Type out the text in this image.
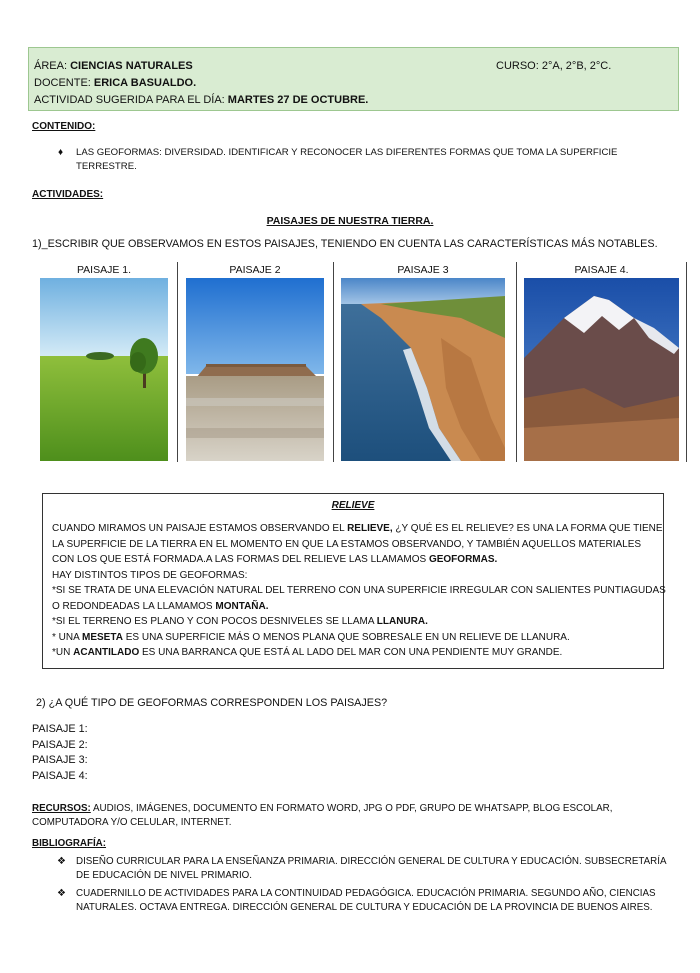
ÁREA: CIENCIAS NATURALES	CURSO: 2°A, 2°B, 2°C.
DOCENTE: ERICA BASUALDO.
ACTIVIDAD SUGERIDA PARA EL DÍA: MARTES 27 DE OCTUBRE.
CONTENIDO:
♦ LAS GEOFORMAS: DIVERSIDAD. IDENTIFICAR Y RECONOCER LAS DIFERENTES FORMAS QUE TOMA LA SUPERFICIE
TERRESTRE.
ACTIVIDADES:
PAISAJES DE NUESTRA TIERRA.
1)_ESCRIBIR QUE OBSERVAMOS EN ESTOS PAISAJES, TENIENDO EN CUENTA LAS CARACTERÍSTICAS MÁS NOTABLES.
PAISAJE 1.	PAISAJE 2	PAISAJE 3	PAISAJE 4.
RELIEVE
CUANDO MIRAMOS UN PAISAJE ESTAMOS OBSERVANDO EL RELIEVE, ¿Y QUÉ ES EL RELIEVE? ES UNA LA FORMA QUE TIENE
LA SUPERFICIE DE LA TIERRA EN EL MOMENTO EN QUE LA ESTAMOS OBSERVANDO, Y TAMBIÉN AQUELLOS MATERIALES
CON LOS QUE ESTÁ FORMADA.A LAS FORMAS DEL RELIEVE LAS LLAMAMOS GEOFORMAS.
HAY DISTINTOS TIPOS DE GEOFORMAS:
*SI SE TRATA DE UNA ELEVACIÓN NATURAL DEL TERRENO CON UNA SUPERFICIE IRREGULAR CON SALIENTES PUNTIAGUDAS
O REDONDEADAS LA LLAMAMOS MONTAÑA.
*SI EL TERRENO ES PLANO Y CON POCOS DESNIVELES SE LLAMA LLANURA.
* UNA MESETA ES UNA SUPERFICIE MÁS O MENOS PLANA QUE SOBRESALE EN UN RELIEVE DE LLANURA.
*UN ACANTILADO ES UNA BARRANCA QUE ESTÁ AL LADO DEL MAR CON UNA PENDIENTE MUY GRANDE.
2) ¿A QUÉ TIPO DE GEOFORMAS CORRESPONDEN LOS PAISAJES?
PAISAJE 1:
PAISAJE 2:
PAISAJE 3:
PAISAJE 4:
RECURSOS: AUDIOS, IMÁGENES, DOCUMENTO EN FORMATO WORD, JPG O PDF, GRUPO DE WHATSAPP, BLOG ESCOLAR,
COMPUTADORA Y/O CELULAR, INTERNET.
BIBLIOGRAFÍA:
❖ DISEÑO CURRICULAR PARA LA ENSEÑANZA PRIMARIA. DIRECCIÓN GENERAL DE CULTURA Y EDUCACIÓN. SUBSECRETARÍA
DE EDUCACIÓN DE NIVEL PRIMARIO.
❖ CUADERNILLO DE ACTIVIDADES PARA LA CONTINUIDAD PEDAGÓGICA. EDUCACIÓN PRIMARIA. SEGUNDO AÑO, CIENCIAS
NATURALES. OCTAVA ENTREGA. DIRECCIÓN GENERAL DE CULTURA Y EDUCACIÓN DE LA PROVINCIA DE BUENOS AIRES.
